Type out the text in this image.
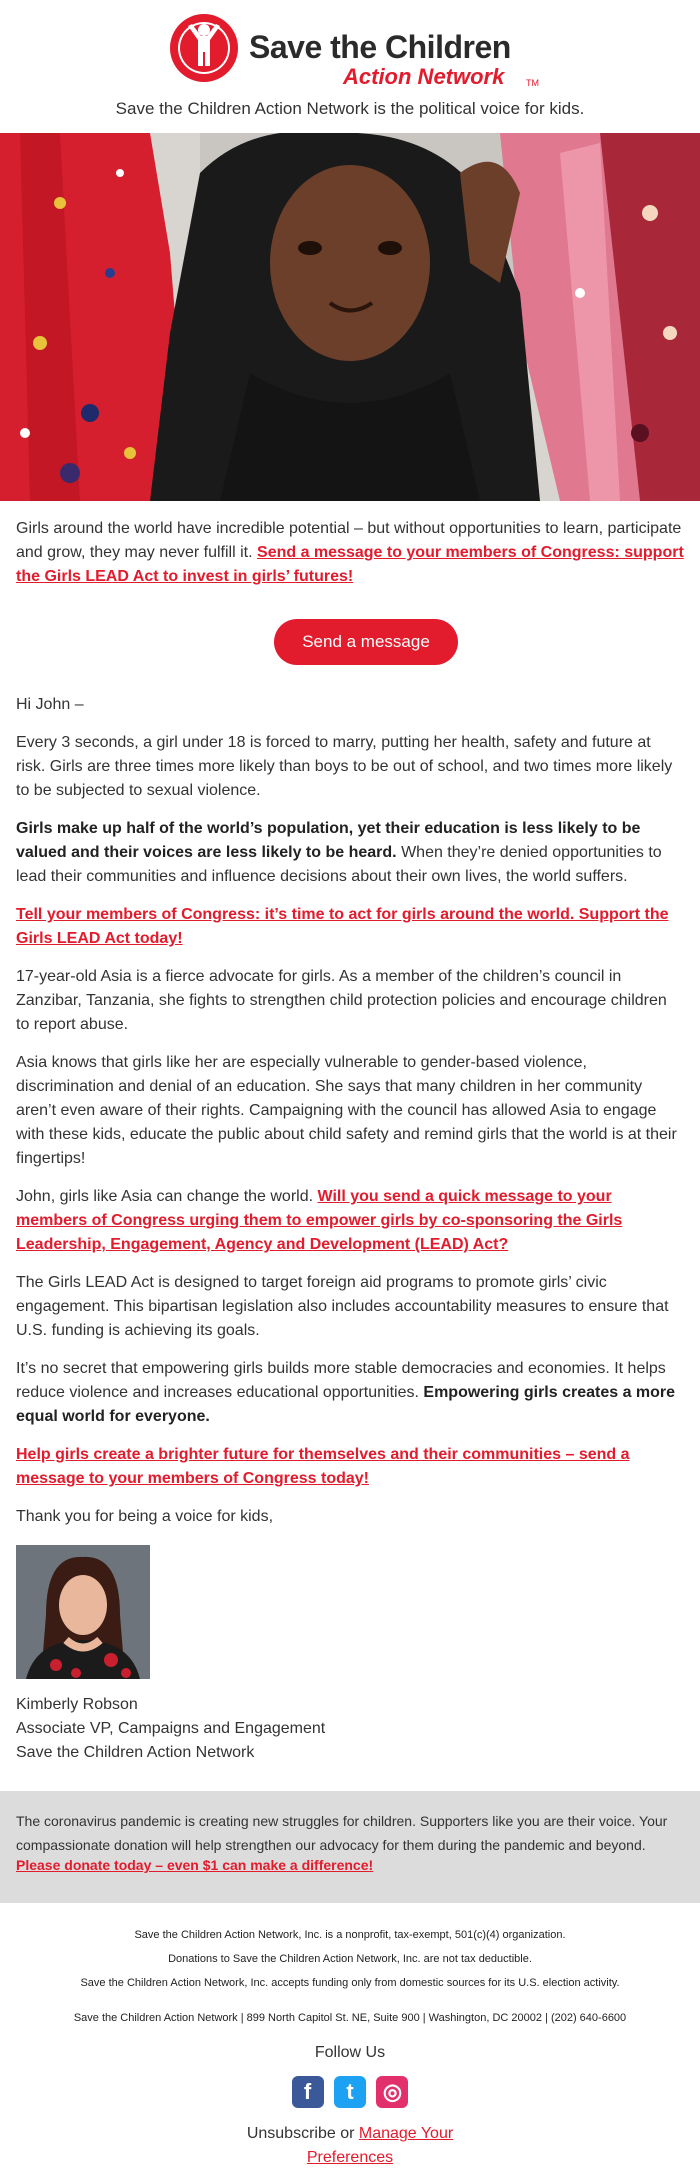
Save the Children
Action Network TM
Save the Children Action Network is the political voice for kids.

Girls around the world have incredible potential – but without opportunities to learn, participate and grow, they may never fulfill it. Send a message to your members of Congress: support the Girls LEAD Act to invest in girls’ futures!

Send a message

Hi John –

Every 3 seconds, a girl under 18 is forced to marry, putting her health, safety and future at risk. Girls are three times more likely than boys to be out of school, and two times more likely to be subjected to sexual violence.

Girls make up half of the world’s population, yet their education is less likely to be valued and their voices are less likely to be heard. When they’re denied opportunities to lead their communities and influence decisions about their own lives, the world suffers.

Tell your members of Congress: it’s time to act for girls around the world. Support the Girls LEAD Act today!

17-year-old Asia is a fierce advocate for girls. As a member of the children’s council in Zanzibar, Tanzania, she fights to strengthen child protection policies and encourage children to report abuse.

Asia knows that girls like her are especially vulnerable to gender-based violence, discrimination and denial of an education. She says that many children in her community aren’t even aware of their rights. Campaigning with the council has allowed Asia to engage with these kids, educate the public about child safety and remind girls that the world is at their fingertips!

John, girls like Asia can change the world. Will you send a quick message to your members of Congress urging them to empower girls by co-sponsoring the Girls Leadership, Engagement, Agency and Development (LEAD) Act?

The Girls LEAD Act is designed to target foreign aid programs to promote girls’ civic engagement. This bipartisan legislation also includes accountability measures to ensure that U.S. funding is achieving its goals.

It’s no secret that empowering girls builds more stable democracies and economies. It helps reduce violence and increases educational opportunities. Empowering girls creates a more equal world for everyone.

Help girls create a brighter future for themselves and their communities – send a message to your members of Congress today!

Thank you for being a voice for kids,

Kimberly Robson
Associate VP, Campaigns and Engagement
Save the Children Action Network
The coronavirus pandemic is creating new struggles for children. Supporters like you are their voice. Your compassionate donation will help strengthen our advocacy for them during the pandemic and beyond.
Please donate today – even $1 can make a difference!
Save the Children Action Network, Inc. is a nonprofit, tax-exempt, 501(c)(4) organization.
Donations to Save the Children Action Network, Inc. are not tax deductible.
Save the Children Action Network, Inc. accepts funding only from domestic sources for its U.S. election activity.
Save the Children Action Network | 899 North Capitol St. NE, Suite 900 | Washington, DC 20002 | (202) 640-6600
Follow Us
f t ◎
Unsubscribe or Manage Your
Preferences
